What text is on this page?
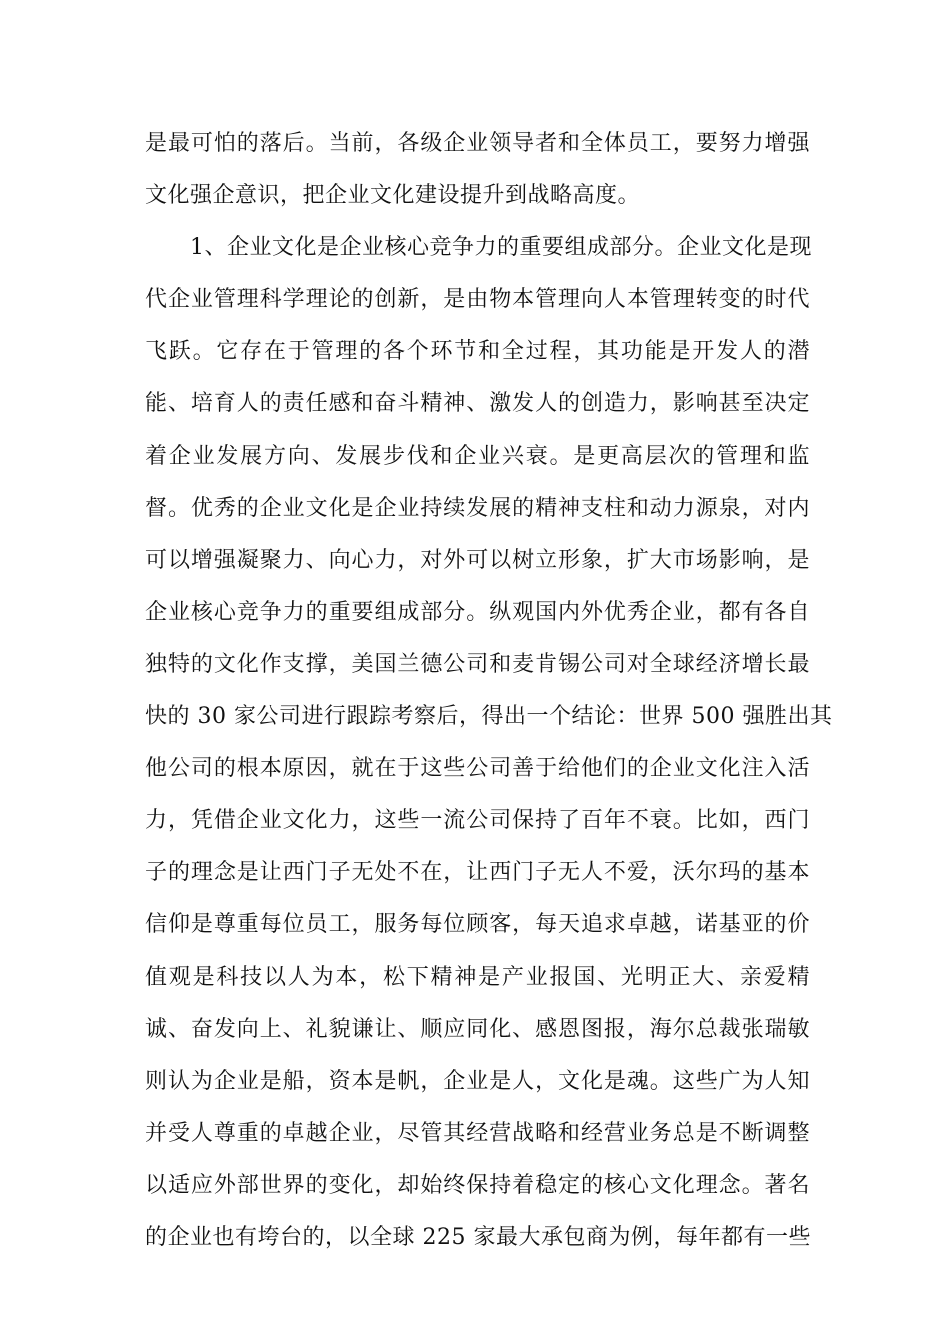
是最可怕的落后。当前，各级企业领导者和全体员工，要努力增强
文化强企意识，把企业文化建设提升到战略高度。
1、企业文化是企业核心竞争力的重要组成部分。企业文化是现
代企业管理科学理论的创新，是由物本管理向人本管理转变的时代
飞跃。它存在于管理的各个环节和全过程，其功能是开发人的潜
能、培育人的责任感和奋斗精神、激发人的创造力，影响甚至决定
着企业发展方向、发展步伐和企业兴衰。是更高层次的管理和监
督。优秀的企业文化是企业持续发展的精神支柱和动力源泉，对内
可以增强凝聚力、向心力，对外可以树立形象，扩大市场影响，是
企业核心竞争力的重要组成部分。纵观国内外优秀企业，都有各自
独特的文化作支撑，美国兰德公司和麦肯锡公司对全球经济增长最
快的 30 家公司进行跟踪考察后，得出一个结论：世界 500 强胜出其
他公司的根本原因，就在于这些公司善于给他们的企业文化注入活
力，凭借企业文化力，这些一流公司保持了百年不衰。比如，西门
子的理念是让西门子无处不在，让西门子无人不爱，沃尔玛的基本
信仰是尊重每位员工，服务每位顾客，每天追求卓越，诺基亚的价
值观是科技以人为本，松下精神是产业报国、光明正大、亲爱精
诚、奋发向上、礼貌谦让、顺应同化、感恩图报，海尔总裁张瑞敏
则认为企业是船，资本是帆，企业是人，文化是魂。这些广为人知
并受人尊重的卓越企业，尽管其经营战略和经营业务总是不断调整
以适应外部世界的变化，却始终保持着稳定的核心文化理念。著名
的企业也有垮台的，以全球 225 家最大承包商为例，每年都有一些
